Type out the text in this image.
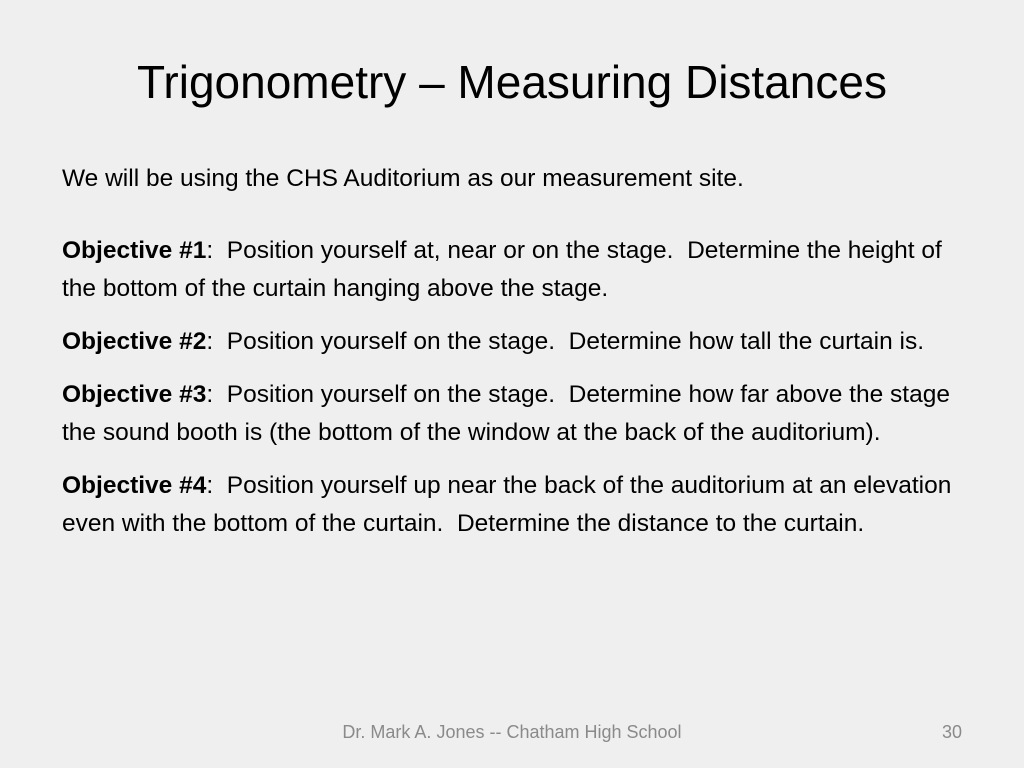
Trigonometry – Measuring Distances

We will be using the CHS Auditorium as our measurement site.

Objective #1:  Position yourself at, near or on the stage.  Determine the height of the bottom of the curtain hanging above the stage.

Objective #2:  Position yourself on the stage.  Determine how tall the curtain is.

Objective #3:  Position yourself on the stage.  Determine how far above the stage the sound booth is (the bottom of the window at the back of the auditorium).

Objective #4:  Position yourself up near the back of the auditorium at an elevation even with the bottom of the curtain.  Determine the distance to the curtain.

Dr. Mark A. Jones -- Chatham High School	30
